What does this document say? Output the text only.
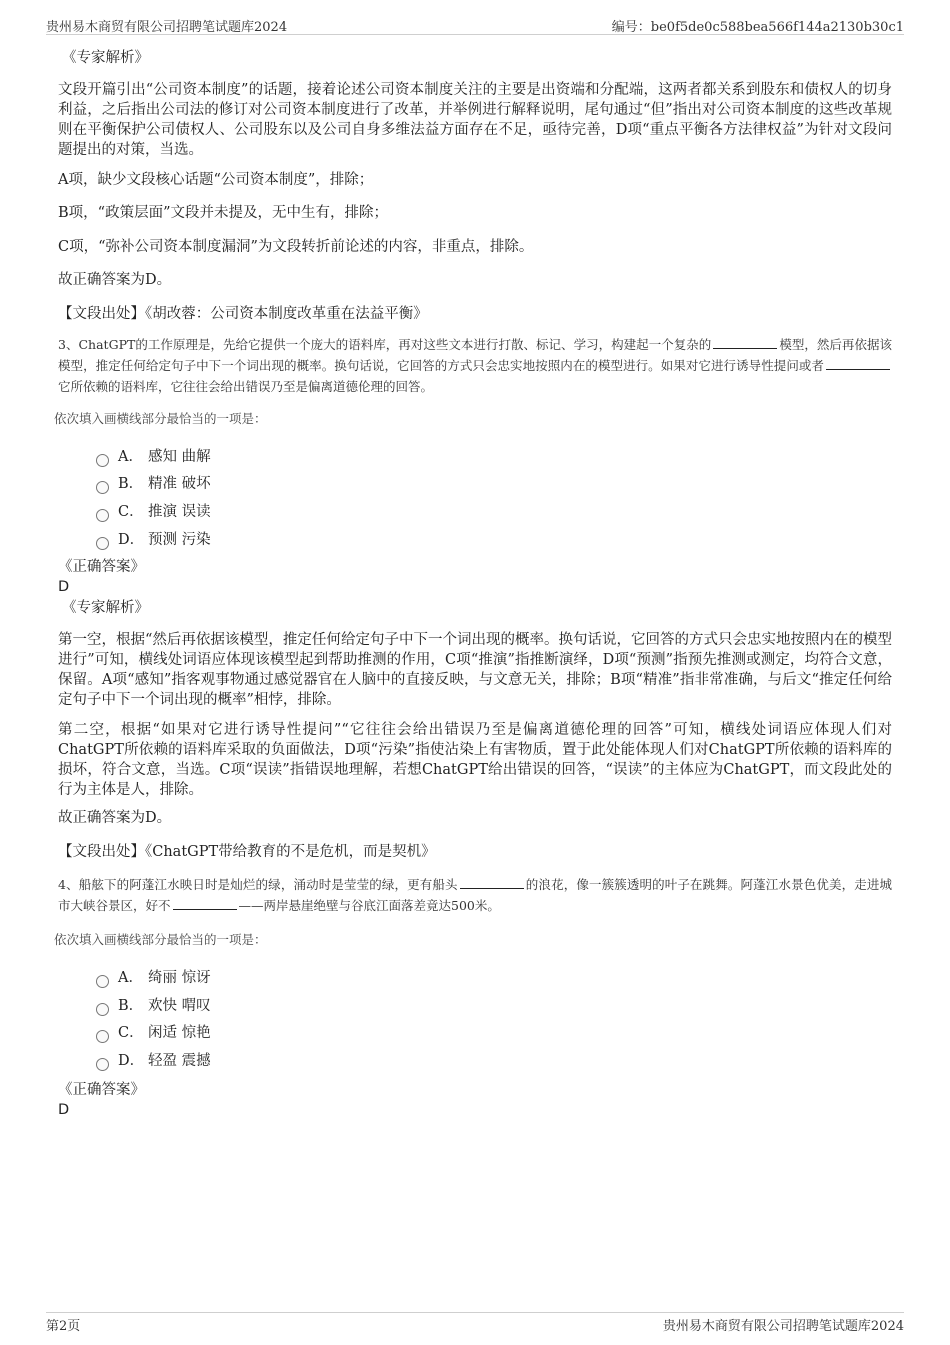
贵州易木商贸有限公司招聘笔试题库2024	编号：be0f5de0c588bea566f144a2130b30c1
《专家解析》

文段开篇引出“公司资本制度”的话题，接着论述公司资本制度关注的主要是出资端和分配端，这两者都关系到股东和债权人的切身利益，之后指出公司法的修订对公司资本制度进行了改革，并举例进行解释说明，尾句通过“但”指出对公司资本制度的这些改革规则在平衡保护公司债权人、公司股东以及公司自身多维法益方面存在不足，亟待完善，D项“重点平衡各方法律权益”为针对文段问题提出的对策，当选。

A项，缺少文段核心话题“公司资本制度”，排除；

B项，“政策层面”文段并未提及，无中生有，排除；

C项，“弥补公司资本制度漏洞”为文段转折前论述的内容，非重点，排除。

故正确答案为D。

【文段出处】《胡改蓉：公司资本制度改革重在法益平衡》

3、ChatGPT的工作原理是，先给它提供一个庞大的语料库，再对这些文本进行打散、标记、学习，构建起一个复杂的	模型，然后再依据该模型，推定任何给定句子中下一个词出现的概率。换句话说，它回答的方式只会忠实地按照内在的模型进行。如果对它进行诱导性提问或者它所依赖的语料库，它往往会给出错误乃至是偏离道德伦理的回答。

依次填入画横线部分最恰当的一项是：

A． 感知 曲解
B． 精准 破坏
C． 推演 误读
D． 预测 污染
《正确答案》
D
《专家解析》

第一空，根据“然后再依据该模型，推定任何给定句子中下一个词出现的概率。换句话说，它回答的方式只会忠实地按照内在的模型进行”可知，横线处词语应体现该模型起到帮助推测的作用，C项“推演”指推断演绎，D项“预测”指预先推测或测定，均符合文意，保留。A项“感知”指客观事物通过感觉器官在人脑中的直接反映，与文意无关，排除；B项“精准”指非常准确，与后文“推定任何给定句子中下一个词出现的概率”相悖，排除。

第二空，根据“如果对它进行诱导性提问”“它往往会给出错误乃至是偏离道德伦理的回答”可知，横线处词语应体现人们对ChatGPT所依赖的语料库采取的负面做法，D项“污染”指使沾染上有害物质，置于此处能体现人们对ChatGPT所依赖的语料库的损坏，符合文意，当选。C项“误读”指错误地理解，若想ChatGPT给出错误的回答，“误读”的主体应为ChatGPT，而文段此处的行为主体是人，排除。

故正确答案为D。

【文段出处】《ChatGPT带给教育的不是危机，而是契机》

4、船舷下的阿蓬江水映日时是灿烂的绿，涌动时是莹莹的绿，更有船头	的浪花，像一簇簇透明的叶子在跳舞。阿蓬江水景色优美，走进城市大峡谷景区，好不	——两岸悬崖绝壁与谷底江面落差竟达500米。

依次填入画横线部分最恰当的一项是：

A． 绮丽 惊讶
B． 欢快 喟叹
C． 闲适 惊艳
D． 轻盈 震撼
《正确答案》
D
第2页	贵州易木商贸有限公司招聘笔试题库2024
